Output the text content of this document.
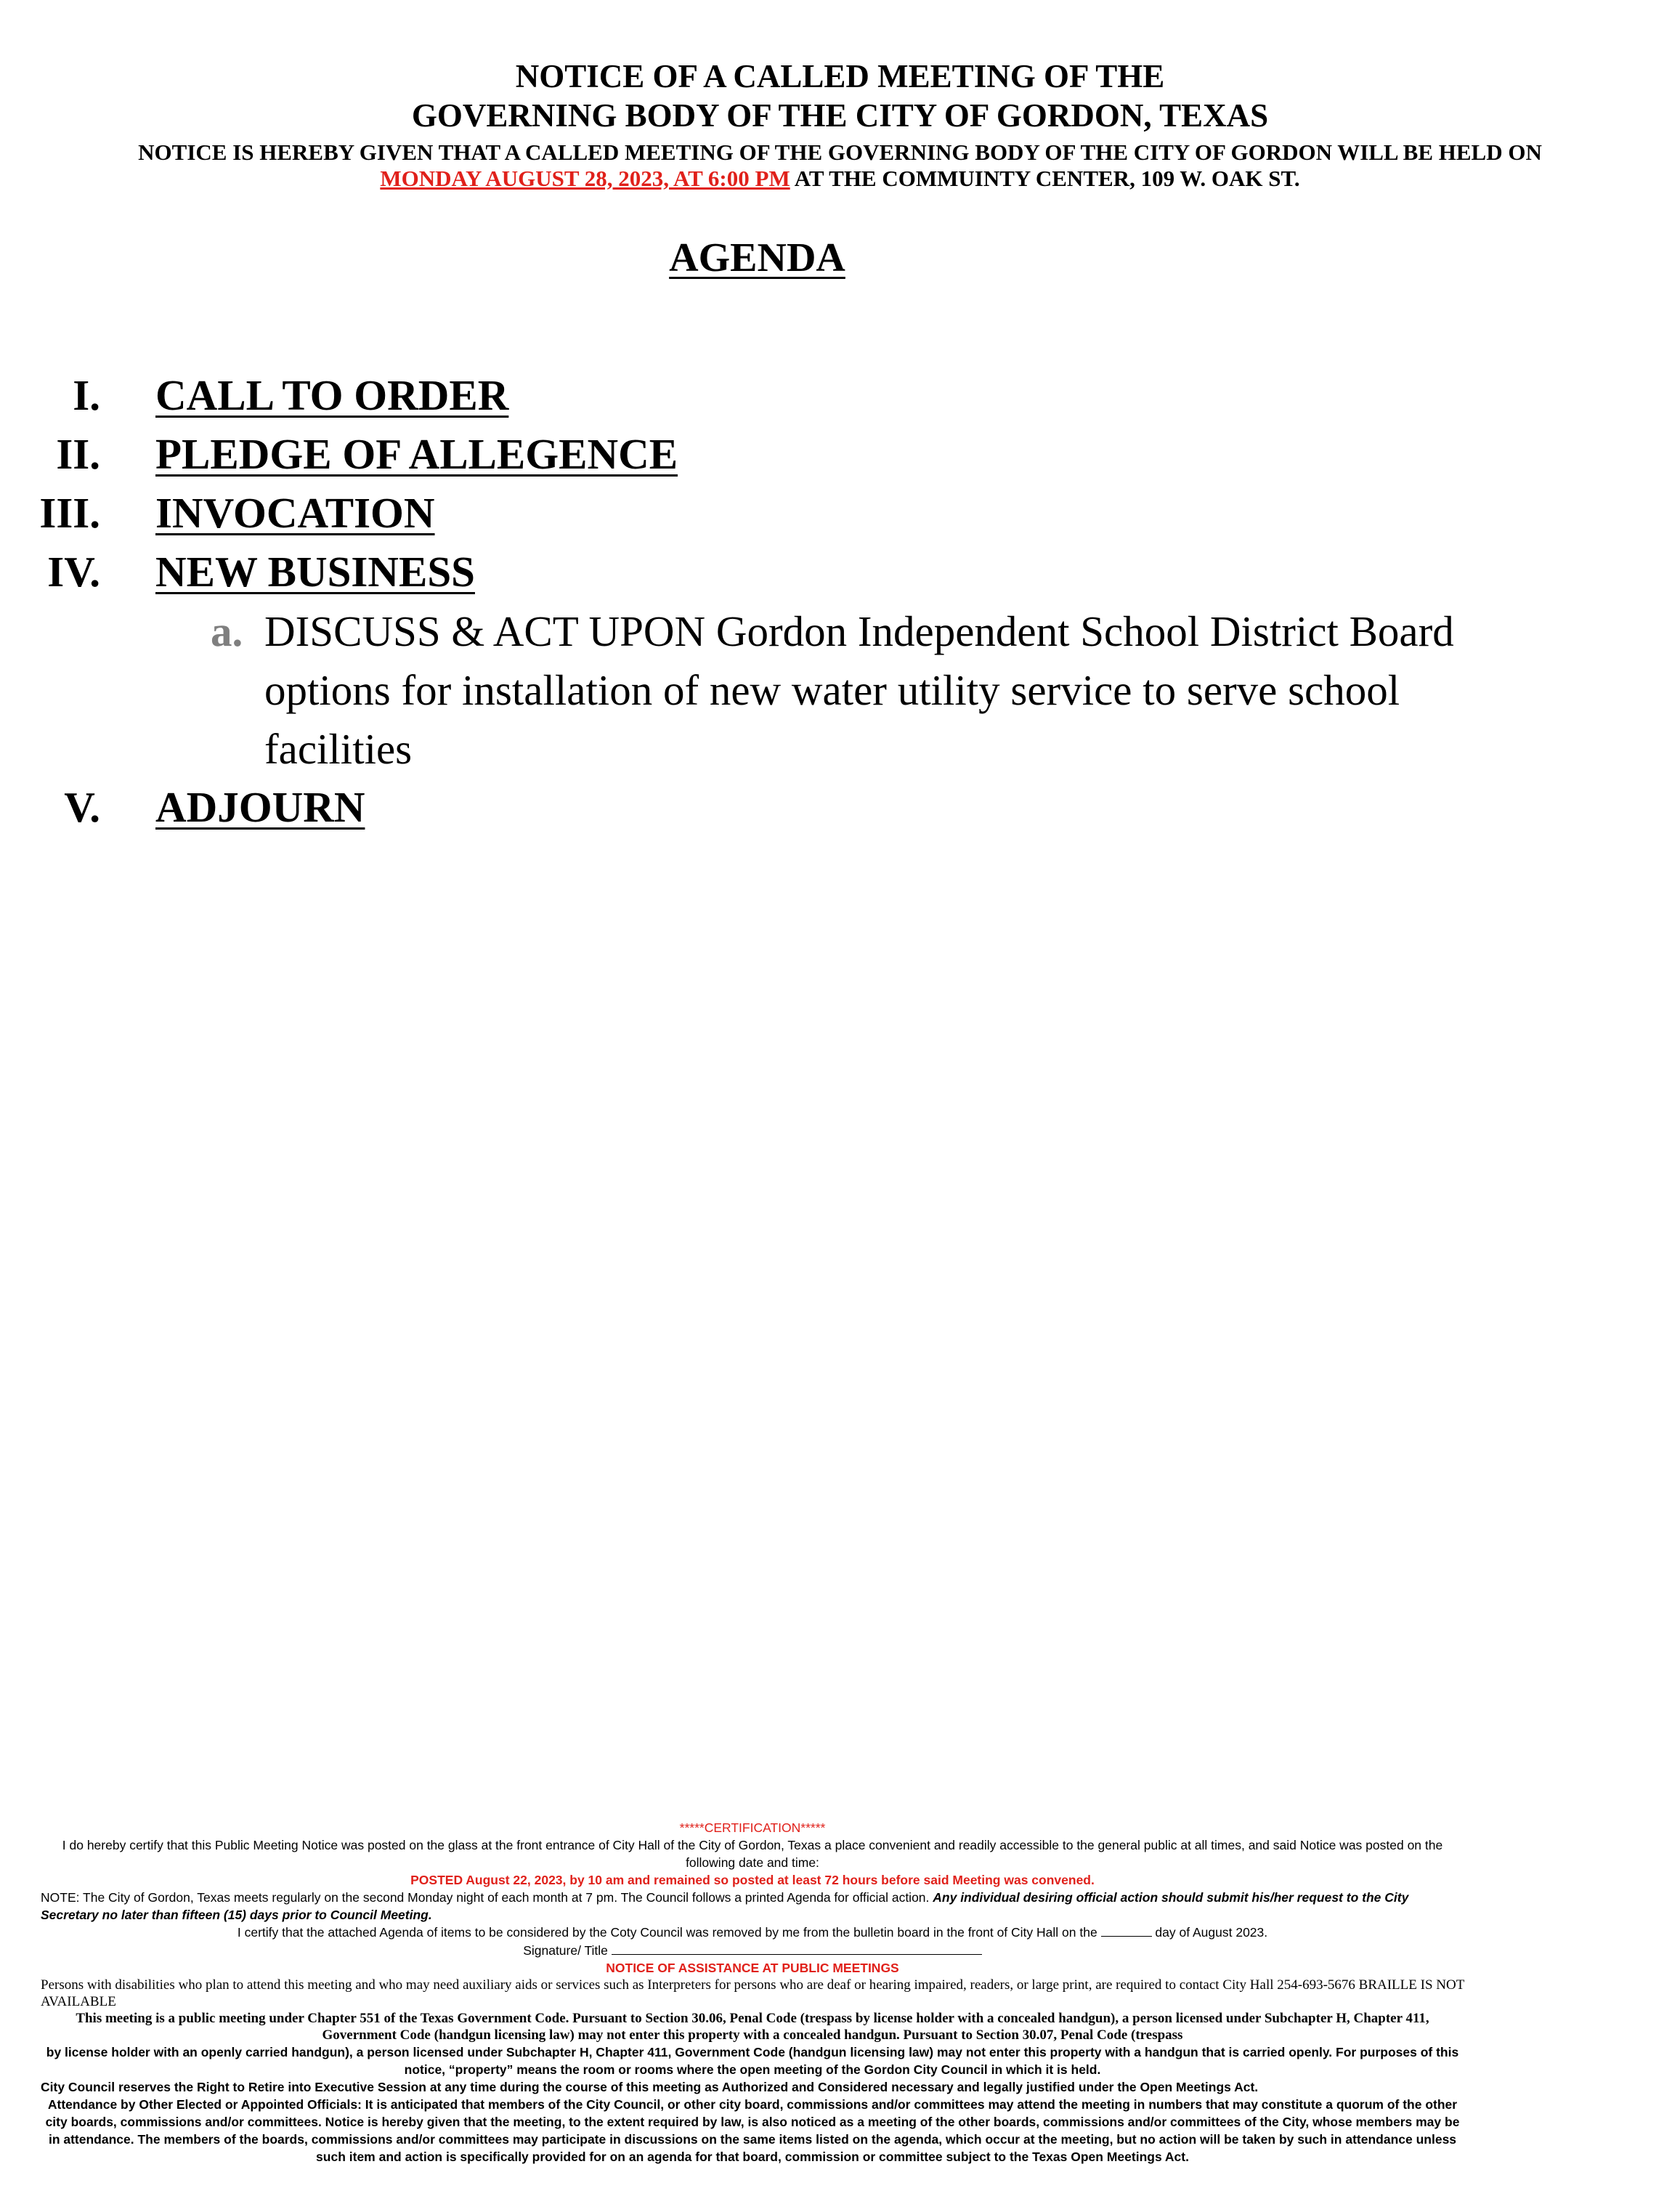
NOTICE OF A CALLED MEETING OF THE
GOVERNING BODY OF THE CITY OF GORDON, TEXAS
NOTICE IS HEREBY GIVEN THAT A CALLED MEETING OF THE GOVERNING BODY OF THE CITY OF GORDON WILL BE HELD ON MONDAY AUGUST 28, 2023, AT 6:00 PM AT THE COMMUINTY CENTER, 109 W. OAK ST.
AGENDA
I. CALL TO ORDER
II. PLEDGE OF ALLEGENCE
III. INVOCATION
IV. NEW BUSINESS
a. DISCUSS & ACT UPON Gordon Independent School District Board options for installation of new water utility service to serve school facilities
V. ADJOURN

*****CERTIFICATION*****

I do hereby certify that this Public Meeting Notice was posted on the glass at the front entrance of City Hall of the City of Gordon, Texas a place convenient and readily accessible to the general public at all times, and said Notice was posted on the following date and time:

POSTED August 22, 2023, by 10 am and remained so posted at least 72 hours before said Meeting was convened.

NOTE: The City of Gordon, Texas meets regularly on the second Monday night of each month at 7 pm. The Council follows a printed Agenda for official action. Any individual desiring official action should submit his/her request to the City Secretary no later than fifteen (15) days prior to Council Meeting.

I certify that the attached Agenda of items to be considered by the Coty Council was removed by me from the bulletin board in the front of City Hall on the	day of August 2023.

Signature/ Title

NOTICE OF ASSISTANCE AT PUBLIC MEETINGS

Persons with disabilities who plan to attend this meeting and who may need auxiliary aids or services such as Interpreters for persons who are deaf or hearing impaired, readers, or large print, are required to contact City Hall 254-693-5676 BRAILLE IS NOT AVAILABLE

This meeting is a public meeting under Chapter 551 of the Texas Government Code. Pursuant to Section 30.06, Penal Code (trespass by license holder with a concealed handgun), a person licensed under Subchapter H, Chapter 411, Government Code (handgun licensing law) may not enter this property with a concealed handgun. Pursuant to Section 30.07, Penal Code (trespass

by license holder with an openly carried handgun), a person licensed under Subchapter H, Chapter 411, Government Code (handgun licensing law) may not enter this property with a handgun that is carried openly. For purposes of this notice, “property” means the room or rooms where the open meeting of the Gordon City Council in which it is held.

City Council reserves the Right to Retire into Executive Session at any time during the course of this meeting as Authorized and Considered necessary and legally justified under the Open Meetings Act.

Attendance by Other Elected or Appointed Officials: It is anticipated that members of the City Council, or other city board, commissions and/or committees may attend the meeting in numbers that may constitute a quorum of the other city boards, commissions and/or committees. Notice is hereby given that the meeting, to the extent required by law, is also noticed as a meeting of the other boards, commissions and/or committees of the City, whose members may be in attendance. The members of the boards, commissions and/or committees may participate in discussions on the same items listed on the agenda, which occur at the meeting, but no action will be taken by such in attendance unless such item and action is specifically provided for on an agenda for that board, commission or committee subject to the Texas Open Meetings Act.
